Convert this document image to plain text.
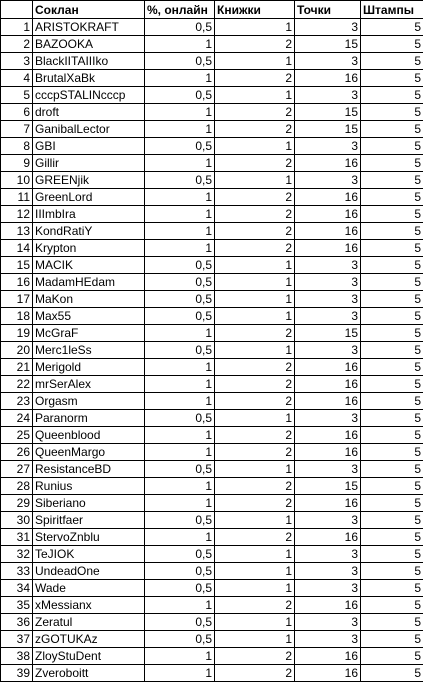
	Соклан	%, онлайн	Книжки	Точки	Штампы
1	ARISTOKRAFT	0,5	1	3	5
2	BAZOOKA	1	2	15	5
3	BlackIITAIIIko	0,5	1	3	5
4	BrutalXaBk	1	2	16	5
5	cccpSTALINcccp	0,5	1	3	5
6	droft	1	2	15	5
7	GanibalLector	1	2	15	5
8	GBI	0,5	1	3	5
9	Gillir	1	2	16	5
10	GREENjik	0,5	1	3	5
11	GreenLord	1	2	16	5
12	IIImbIra	1	2	16	5
13	KondRatiY	1	2	16	5
14	Krypton	1	2	16	5
15	MACIK	0,5	1	3	5
16	MadamHEdam	0,5	1	3	5
17	MaKon	0,5	1	3	5
18	Max55	0,5	1	3	5
19	McGraF	1	2	15	5
20	Merc1leSs	0,5	1	3	5
21	Merigold	1	2	16	5
22	mrSerAlex	1	2	16	5
23	Orgasm	1	2	16	5
24	Paranorm	0,5	1	3	5
25	Queenblood	1	2	16	5
26	QueenMargo	1	2	16	5
27	ResistanceBD	0,5	1	3	5
28	Runius	1	2	15	5
29	Siberiano	1	2	16	5
30	Spiritfaer	0,5	1	3	5
31	StervoZnblu	1	2	16	5
32	TeJIOK	0,5	1	3	5
33	UndeadOne	0,5	1	3	5
34	Wade	0,5	1	3	5
35	xMessianx	1	2	16	5
36	Zeratul	0,5	1	3	5
37	zGOTUKAz	0,5	1	3	5
38	ZloyStuDent	1	2	16	5
39	Zveroboitt	1	2	16	5
